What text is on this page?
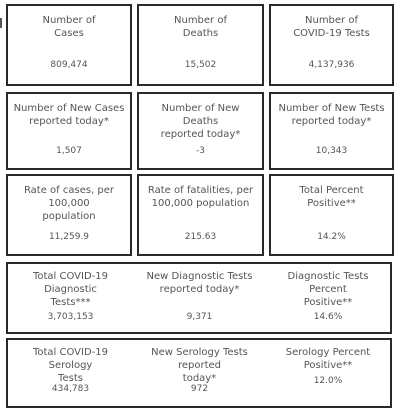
Number of
Cases
809,474
Number of
Deaths
15,502
Number of
COVID-19 Tests
4,137,936
Number of New Cases
reported today*
1,507
Number of New Deaths
reported today*
-3
Number of New Tests
reported today*
10,343
Rate of cases, per 100,000
population
11,259.9
Rate of fatalities, per
100,000 population
215.63
Total Percent Positive**
14.2%
Total COVID-19 Diagnostic
Tests***
3,703,153
New Diagnostic Tests
reported today*
9,371
Diagnostic Tests Percent
Positive**
14.6%
Total COVID-19 Serology
Tests
434,783
New Serology Tests reported
today*
972
Serology Percent Positive**
12.0%
